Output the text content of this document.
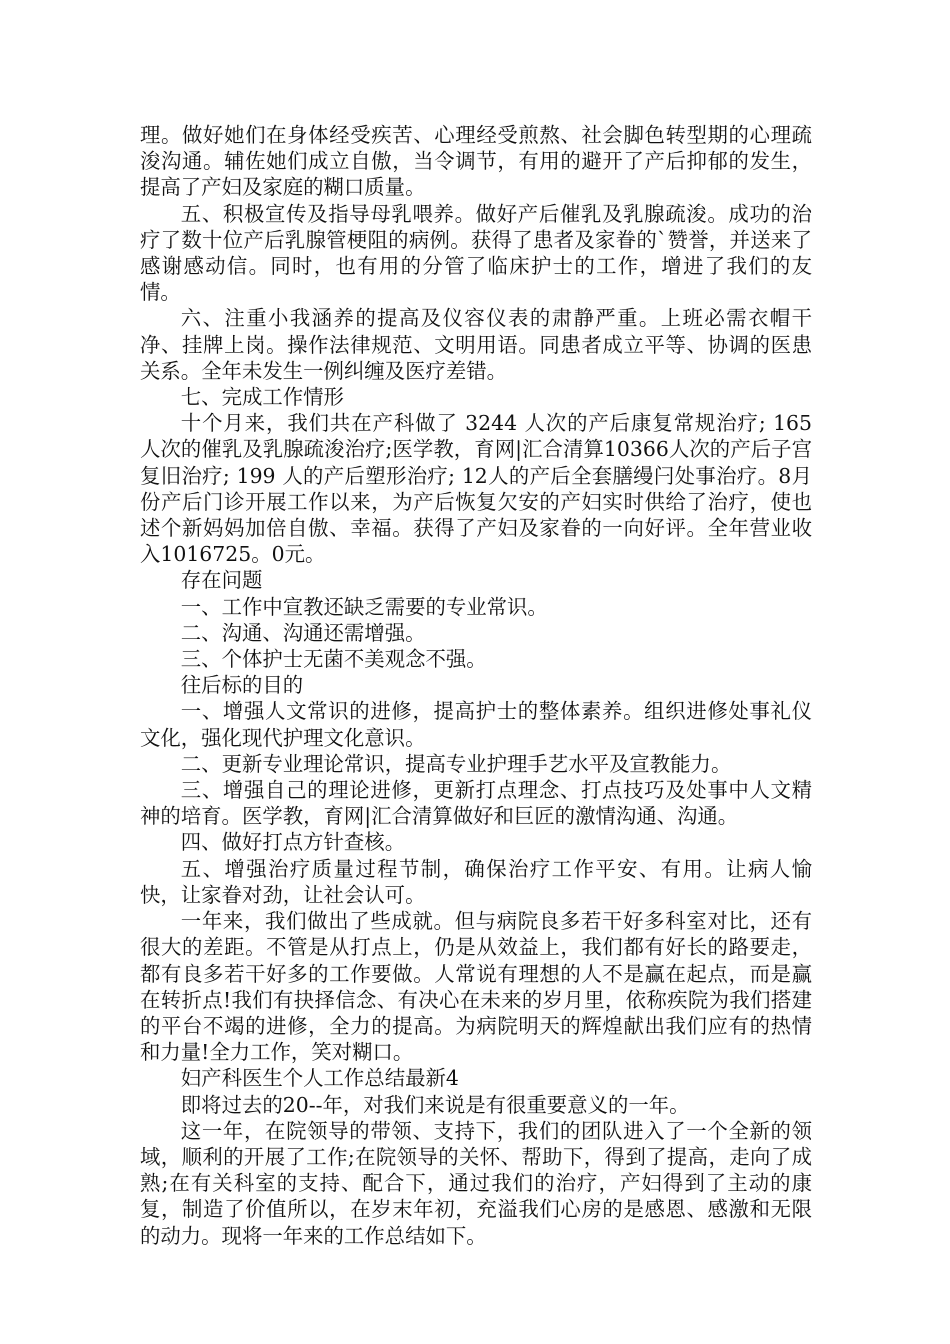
理。做好她们在身体经受疾苦、心理经受煎熬、社会脚色转型期的心理疏浚沟通。辅佐她们成立自傲，当令调节，有用的避开了产后抑郁的发生，提高了产妇及家庭的糊口质量。

五、积极宣传及指导母乳喂养。做好产后催乳及乳腺疏浚。成功的治疗了数十位产后乳腺管梗阻的病例。获得了患者及家眷的`赞誉，并送来了感谢感动信。同时，也有用的分管了临床护士的工作，增进了我们的友情。

六、注重小我涵养的提高及仪容仪表的肃静严重。上班必需衣帽干净、挂牌上岗。操作法律规范、文明用语。同患者成立平等、协调的医患关系。全年未发生一例纠缠及医疗差错。

七、完成工作情形

十个月来，我们共在产科做了 3244 人次的产后康复常规治疗; 165 人次的催乳及乳腺疏浚治疗;医学教，育网|汇合清算10366人次的产后子宫复旧治疗; 199 人的产后塑形治疗; 12人的产后全套膳缦闩处事治疗。8月份产后门诊开展工作以来，为产后恢复欠安的产妇实时供给了治疗，使也述个新妈妈加倍自傲、幸福。获得了产妇及家眷的一向好评。全年营业收入1016725。0元。

存在问题

一、工作中宣教还缺乏需要的专业常识。

二、沟通、沟通还需增强。

三、个体护士无菌不美观念不强。

往后标的目的

一、增强人文常识的进修，提高护士的整体素养。组织进修处事礼仪文化，强化现代护理文化意识。

二、更新专业理论常识，提高专业护理手艺水平及宣教能力。

三、增强自己的理论进修，更新打点理念、打点技巧及处事中人文精神的培育。医学教，育网|汇合清算做好和巨匠的激情沟通、沟通。

四、做好打点方针查核。

五、增强治疗质量过程节制，确保治疗工作平安、有用。让病人愉快，让家眷对劲，让社会认可。

一年来，我们做出了些成就。但与病院良多若干好多科室对比，还有很大的差距。不管是从打点上，仍是从效益上，我们都有好长的路要走，都有良多若干好多的工作要做。人常说有理想的人不是赢在起点，而是赢在转折点!我们有抉择信念、有决心在未来的岁月里，依称疾院为我们搭建的平台不竭的进修，全力的提高。为病院明天的辉煌献出我们应有的热情和力量!全力工作，笑对糊口。

妇产科医生个人工作总结最新4

即将过去的20--年，对我们来说是有很重要意义的一年。

这一年，在院领导的带领、支持下，我们的团队进入了一个全新的领域，顺利的开展了工作;在院领导的关怀、帮助下，得到了提高，走向了成熟;在有关科室的支持、配合下，通过我们的治疗，产妇得到了主动的康复，制造了价值所以，在岁末年初，充溢我们心房的是感恩、感激和无限的动力。现将一年来的工作总结如下。
